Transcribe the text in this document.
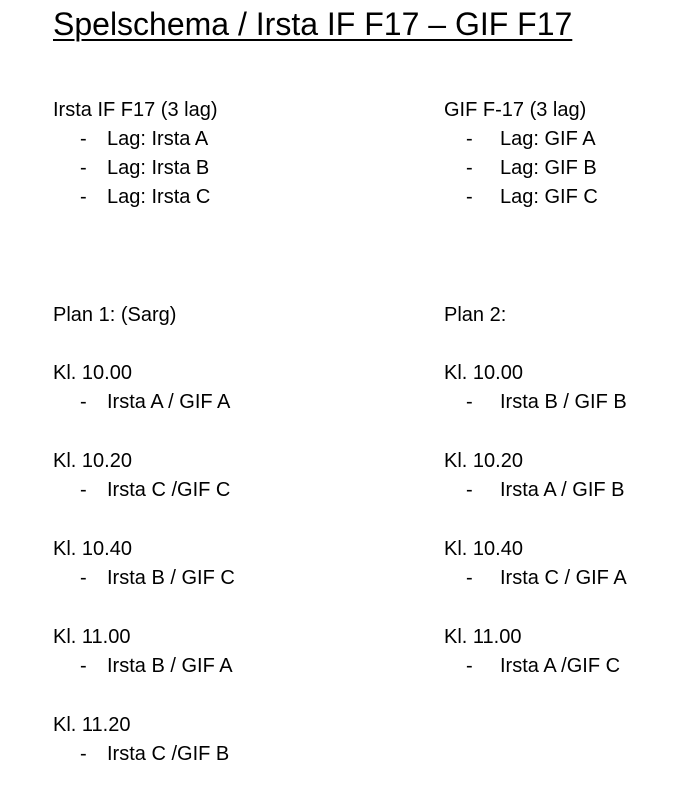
Spelschema / Irsta IF F17 – GIF F17
Irsta IF F17 (3 lag)
- Lag: Irsta A
- Lag: Irsta B
- Lag: Irsta C
Plan 1: (Sarg)
Kl. 10.00
- Irsta A / GIF A
Kl. 10.20
- Irsta C /GIF C
Kl. 10.40
- Irsta B / GIF C
Kl. 11.00
- Irsta B / GIF A
Kl. 11.20
- Irsta C /GIF B
GIF F-17 (3 lag)
- Lag: GIF A
- Lag: GIF B
- Lag: GIF C
Plan 2:
Kl. 10.00
- Irsta B / GIF B
Kl. 10.20
- Irsta A / GIF B
Kl. 10.40
- Irsta C / GIF A
Kl. 11.00
- Irsta A /GIF C
